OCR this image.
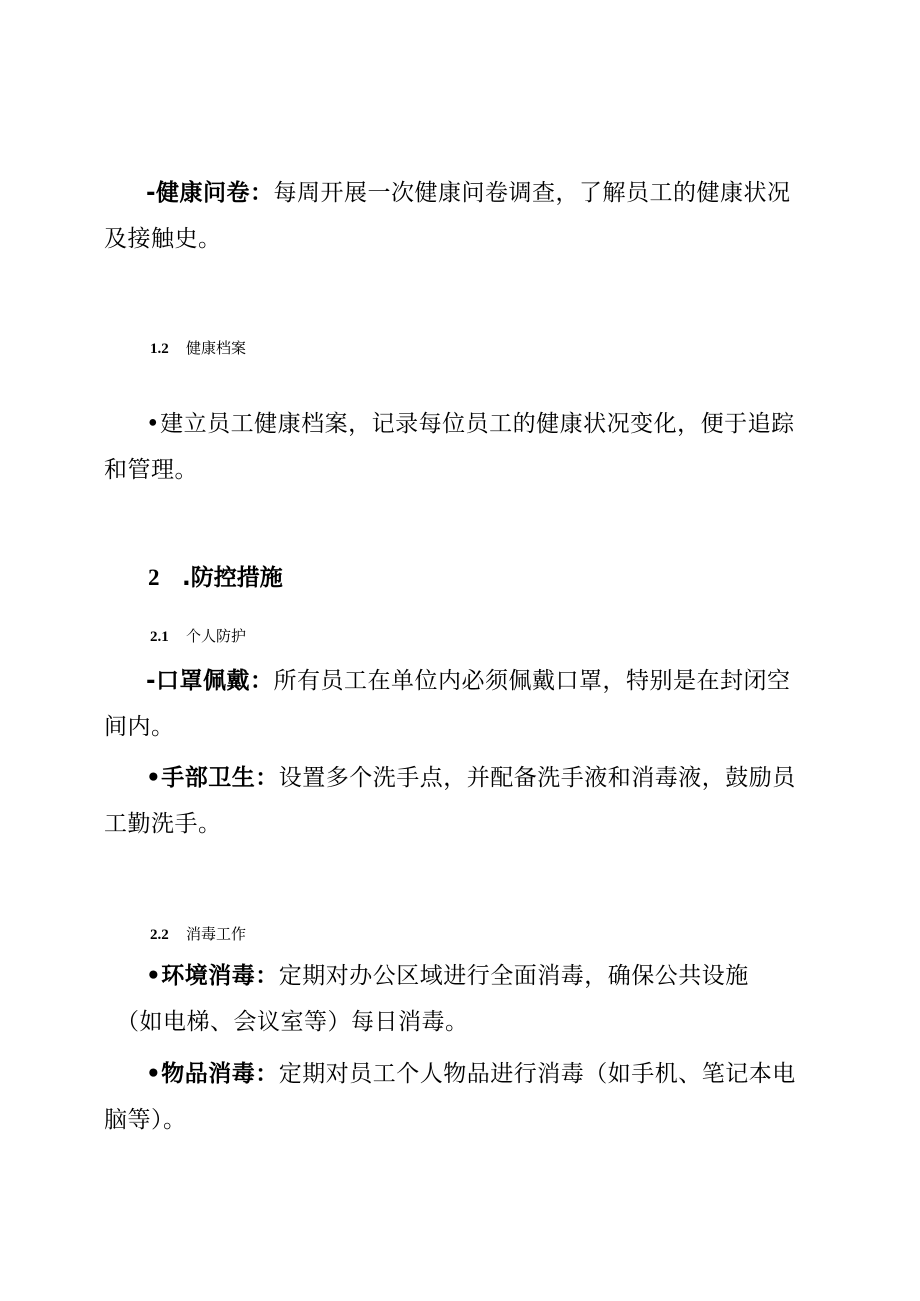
-健康问卷：每周开展一次健康问卷调查，了解员工的健康状况
及接触史。

1.2 健康档案

•建立员工健康档案，记录每位员工的健康状况变化，便于追踪
和管理。

2 .防控措施

2.1 个人防护

-口罩佩戴：所有员工在单位内必须佩戴口罩，特别是在封闭空
间内。

•手部卫生：设置多个洗手点，并配备洗手液和消毒液，鼓励员
工勤洗手。

2.2 消毒工作

•环境消毒：定期对办公区域进行全面消毒，确保公共设施
（如电梯、会议室等）每日消毒。

•物品消毒：定期对员工个人物品进行消毒（如手机、笔记本电
脑等）。
